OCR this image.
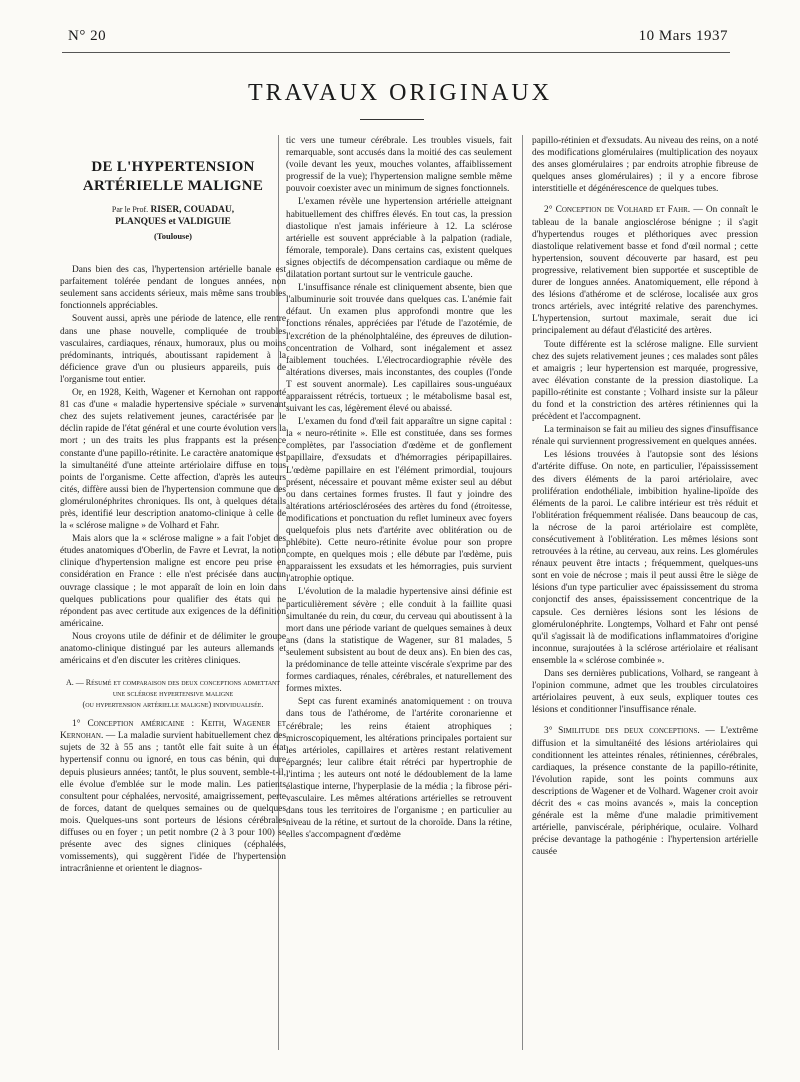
N° 20	10 Mars 1937
TRAVAUX ORIGINAUX
DE L'HYPERTENSION
ARTÉRIELLE MALIGNE
Par le Prof. RISER, COUADAU,
PLANQUES et VALDIGUIE
(Toulouse)

Dans bien des cas, l'hypertension artérielle banale est parfaitement tolérée pendant de longues années, non seulement sans accidents sérieux, mais même sans troubles fonctionnels appréciables.

Souvent aussi, après une période de latence, elle rentre dans une phase nouvelle, compliquée de troubles vasculaires, cardiaques, rénaux, humoraux, plus ou moins prédominants, intriqués, aboutissant rapidement à la déficience grave d'un ou plusieurs appareils, puis de l'organisme tout entier.

Or, en 1928, Keith, Wagener et Kernohan ont rapporté 81 cas d'une « maladie hypertensive spéciale » survenant chez des sujets relativement jeunes, caractérisée par le déclin rapide de l'état général et une courte évolution vers la mort ; un des traits les plus frappants est la présence constante d'une papillo-rétinite. Le caractère anatomique est la simultanéité d'une atteinte artériolaire diffuse en tous points de l'organisme. Cette affection, d'après les auteurs cités, diffère aussi bien de l'hypertension commune que des glomérulonéphrites chroniques. Ils ont, à quelques détails près, identifié leur description anatomo-clinique à celle de la « sclérose maligne » de Volhard et Fahr.

Mais alors que la « sclérose maligne » a fait l'objet des études anatomiques d'Oberlin, de Favre et Levrat, la notion clinique d'hypertension maligne est encore peu prise en considération en France : elle n'est précisée dans aucun ouvrage classique ; le mot apparaît de loin en loin dans quelques publications pour qualifier des états qui ne répondent pas avec certitude aux exigences de la définition américaine.

Nous croyons utile de définir et de délimiter le groupe anatomo-clinique distingué par les auteurs allemands et américains et d'en discuter les critères cliniques.

A. — Résumé et comparaison des deux conceptions admettant une sclérose hypertensive maligne
(ou hypertension artérielle maligne) individualisée.

1° Conception américaine : Keith, Wagener et Kernohan. — La maladie survient habituellement chez des sujets de 32 à 55 ans ; tantôt elle fait suite à un état hypertensif connu ou ignoré, en tous cas bénin, qui dure depuis plusieurs années; tantôt, le plus souvent, semble-t-il, elle évolue d'emblée sur le mode malin. Les patients consultent pour céphalées, nervosité, amaigrissement, perte de forces, datant de quelques semaines ou de quelques mois. Quelques-uns sont porteurs de lésions cérébrales diffuses ou en foyer ; un petit nombre (2 à 3 pour 100) se présente avec des signes cliniques (céphalées, vomissements), qui suggèrent l'idée de l'hypertension intracrânienne et orientent le diagnos-

tic vers une tumeur cérébrale. Les troubles visuels, fait remarquable, sont accusés dans la moitié des cas seulement (voile devant les yeux, mouches volantes, affaiblissement progressif de la vue); l'hypertension maligne semble même pouvoir coexister avec un minimum de signes fonctionnels.

L'examen révèle une hypertension artérielle atteignant habituellement des chiffres élevés. En tout cas, la pression diastolique n'est jamais inférieure à 12. La sclérose artérielle est souvent appréciable à la palpation (radiale, fémorale, temporale). Dans certains cas, existent quelques signes objectifs de décompensation cardiaque ou même de dilatation portant surtout sur le ventricule gauche.

L'insuffisance rénale est cliniquement absente, bien que l'albuminurie soit trouvée dans quelques cas. L'anémie fait défaut. Un examen plus approfondi montre que les fonctions rénales, appréciées par l'étude de l'azotémie, de l'excrétion de la phénolphtaléine, des épreuves de dilution-concentration de Volhard, sont inégalement et assez faiblement touchées. L'électrocardiographie révèle des altérations diverses, mais inconstantes, des couples (l'onde T est souvent anormale). Les capillaires sous-unguéaux apparaissent rétrécis, tortueux ; le métabolisme basal est, suivant les cas, légèrement élevé ou abaissé.

L'examen du fond d'œil fait apparaître un signe capital : la « neuro-rétinite ». Elle est constituée, dans ses formes complètes, par l'association d'œdème et de gonflement papillaire, d'exsudats et d'hémorragies péripapillaires. L'œdème papillaire en est l'élément primordial, toujours présent, nécessaire et pouvant même exister seul au début ou dans certaines formes frustes. Il faut y joindre des altérations artériosclérosées des artères du fond (étroitesse, modifications et ponctuation du reflet lumineux avec foyers quelquefois plus nets d'artérite avec oblitération ou de phlébite). Cette neuro-rétinite évolue pour son propre compte, en quelques mois ; elle débute par l'œdème, puis apparaissent les exsudats et les hémorragies, puis survient l'atrophie optique.

L'évolution de la maladie hypertensive ainsi définie est particulièrement sévère ; elle conduit à la faillite quasi simultanée du rein, du cœur, du cerveau qui aboutissent à la mort dans une période variant de quelques semaines à deux ans (dans la statistique de Wagener, sur 81 malades, 5 seulement subsistent au bout de deux ans). En bien des cas, la prédominance de telle atteinte viscérale s'exprime par des formes cardiaques, rénales, cérébrales, et naturellement des formes mixtes.

Sept cas furent examinés anatomiquement : on trouva dans tous de l'athérome, de l'artérite coronarienne et cérébrale; les reins étaient atrophiques ; microscopiquement, les altérations principales portaient sur les artérioles, capillaires et artères restant relativement épargnés; leur calibre était rétréci par hypertrophie de l'intima ; les auteurs ont noté le dédoublement de la lame élastique interne, l'hyperplasie de la média ; la fibrose péri-vasculaire. Les mêmes altérations artérielles se retrouvent dans tous les territoires de l'organisme ; en particulier au niveau de la rétine, et surtout de la choroïde. Dans la rétine, elles s'accompagnent d'œdème

papillo-rétinien et d'exsudats. Au niveau des reins, on a noté des modifications glomérulaires (multiplication des noyaux des anses glomérulaires ; par endroits atrophie fibreuse de quelques anses glomérulaires) ; il y a encore fibrose interstitielle et dégénérescence de quelques tubes.

2° Conception de Volhard et Fahr. — On connaît le tableau de la banale angiosclérose bénigne ; il s'agit d'hypertendus rouges et pléthoriques avec pression diastolique relativement basse et fond d'œil normal ; cette hypertension, souvent découverte par hasard, est peu progressive, relativement bien supportée et susceptible de durer de longues années. Anatomiquement, elle répond à des lésions d'athérome et de sclérose, localisée aux gros troncs artériels, avec intégrité relative des parenchymes. L'hypertension, surtout maximale, serait due ici principalement au défaut d'élasticité des artères.

Toute différente est la sclérose maligne. Elle survient chez des sujets relativement jeunes ; ces malades sont pâles et amaigris ; leur hypertension est marquée, progressive, avec élévation constante de la pression diastolique. La papillo-rétinite est constante ; Volhard insiste sur la pâleur du fond et la constriction des artères rétiniennes qui la précèdent et l'accompagnent.

La terminaison se fait au milieu des signes d'insuffisance rénale qui surviennent progressivement en quelques années.

Les lésions trouvées à l'autopsie sont des lésions d'artérite diffuse. On note, en particulier, l'épaississement des divers éléments de la paroi artériolaire, avec prolifération endothéliale, imbibition hyaline-lipoïde des éléments de la paroi. Le calibre intérieur est très réduit et l'oblitération fréquemment réalisée. Dans beaucoup de cas, la nécrose de la paroi artériolaire est complète, consécutivement à l'oblitération. Les mêmes lésions sont retrouvées à la rétine, au cerveau, aux reins. Les glomérules rénaux peuvent être intacts ; fréquemment, quelques-uns sont en voie de nécrose ; mais il peut aussi être le siège de lésions d'un type particulier avec épaississement du stroma conjonctif des anses, épaississement concentrique de la capsule. Ces dernières lésions sont les lésions de glomérulonéphrite. Longtemps, Volhard et Fahr ont pensé qu'il s'agissait là de modifications inflammatoires d'origine inconnue, surajoutées à la sclérose artériolaire et réalisant ensemble la « sclérose combinée ».

Dans ses dernières publications, Volhard, se rangeant à l'opinion commune, admet que les troubles circulatoires artériolaires peuvent, à eux seuls, expliquer toutes ces lésions et conditionner l'insuffisance rénale.

3° Similitude des deux conceptions. — L'extrême diffusion et la simultanéité des lésions artériolaires qui conditionnent les atteintes rénales, rétiniennes, cérébrales, cardiaques, la présence constante de la papillo-rétinite, l'évolution rapide, sont les points communs aux descriptions de Wagener et de Volhard. Wagener croit avoir décrit des « cas moins avancés », mais la conception générale est la même d'une maladie primitivement artérielle, panviscérale, périphérique, oculaire. Volhard précise devantage la pathogénie : l'hypertension artérielle causée
